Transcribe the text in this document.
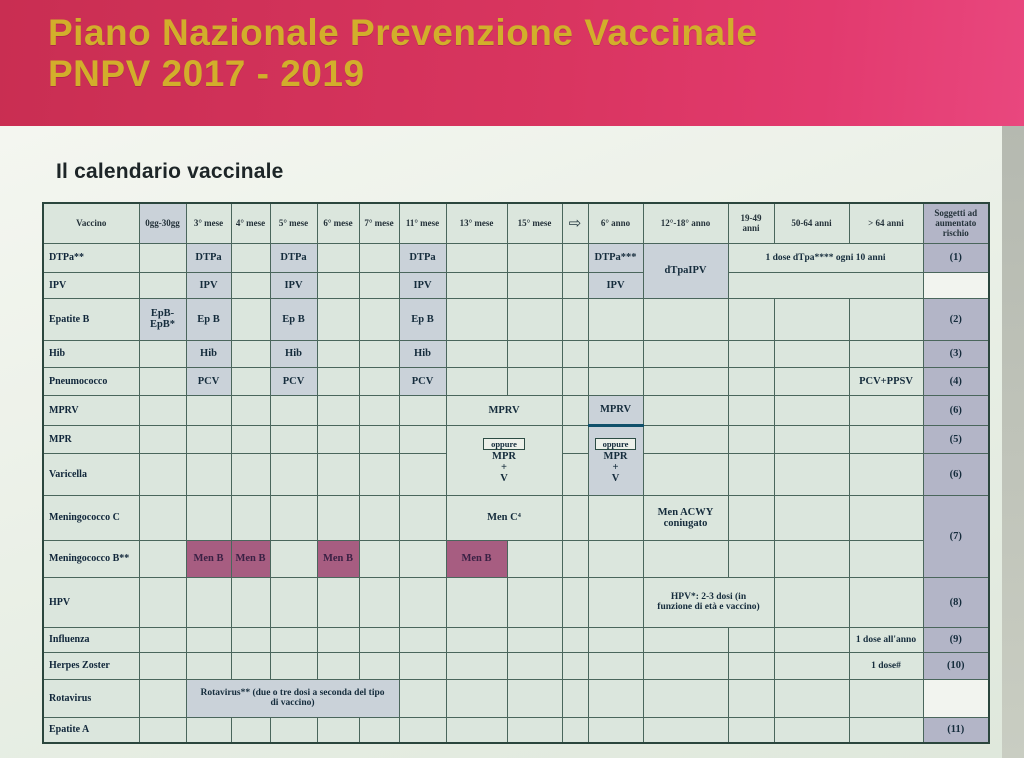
Piano Nazionale Prevenzione Vaccinale
PNPV 2017 - 2019
Il calendario vaccinale
Vaccino	0gg-30gg	3° mese	4° mese	5° mese	6° mese	7° mese	11° mese	13° mese	15° mese	⇨	6° anno	12°-18° anno	19-49
anni	50-64 anni	> 64 anni	Soggetti ad
aumentato
rischio
DTPa**		DTPa		DTPa			DTPa				DTPa***	dTpaIPV	1 dose dTpa**** ogni 10 anni			(1)
IPV		IPV		IPV			IPV				IPV					
Epatite B	EpB-
EpB*	Ep B		Ep B			Ep B									(2)
Hib		Hib		Hib			Hib									(3)
Pneumococco		PCV		PCV			PCV								PCV+PPSV	(4)
MPRV								MPRV			MPRV					(6)
MPR								oppure
MPR
+
V			oppure
MPR
+
V					(5)
Varicella																(6)
Meningococco C								Men C⁴				Men ACWY
coniugato				(7)
Meningococco B**		Men B	Men B		Men B			Men B								
HPV												HPV*: 2-3 dosi (in
funzione di età e vaccino)				(8)
Influenza															1 dose all'anno	(9)
Herpes Zoster															1 dose#	(10)
Rotavirus		Rotavirus** (due o tre dosi a seconda del tipo
di vaccino)														
Epatite A																(11)
